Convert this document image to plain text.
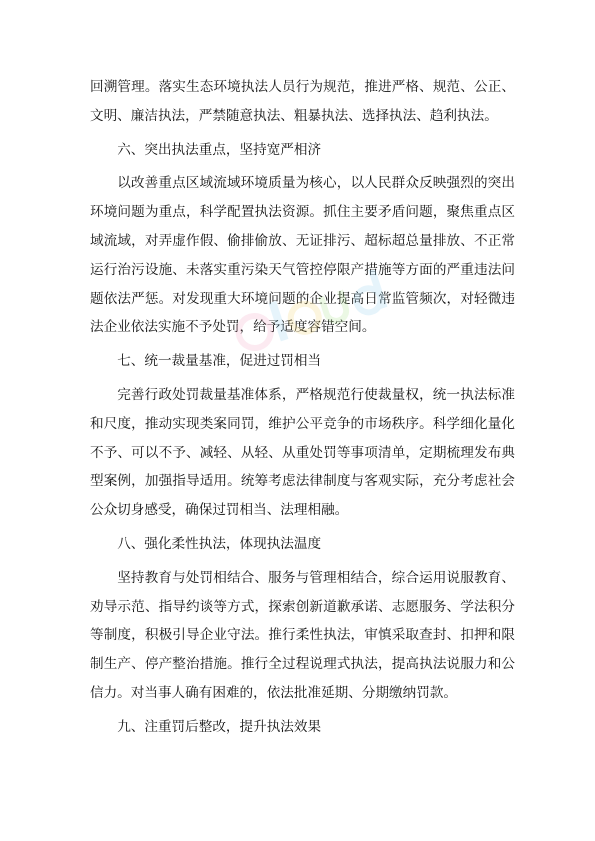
回溯管理。落实生态环境执法人员行为规范，推进严格、规范、公正、文明、廉洁执法，严禁随意执法、粗暴执法、选择执法、趋利执法。

六、突出执法重点，坚持宽严相济

以改善重点区域流域环境质量为核心，以人民群众反映强烈的突出环境问题为重点，科学配置执法资源。抓住主要矛盾问题，聚焦重点区域流域，对弄虚作假、偷排偷放、无证排污、超标超总量排放、不正常运行治污设施、未落实重污染天气管控停限产措施等方面的严重违法问题依法严惩。对发现重大环境问题的企业提高日常监管频次，对轻微违法企业依法实施不予处罚，给予适度容错空间。

七、统一裁量基准，促进过罚相当

完善行政处罚裁量基准体系，严格规范行使裁量权，统一执法标准和尺度，推动实现类案同罚，维护公平竞争的市场秩序。科学细化量化不予、可以不予、减轻、从轻、从重处罚等事项清单，定期梳理发布典型案例，加强指导适用。统筹考虑法律制度与客观实际，充分考虑社会公众切身感受，确保过罚相当、法理相融。

八、强化柔性执法，体现执法温度

坚持教育与处罚相结合、服务与管理相结合，综合运用说服教育、劝导示范、指导约谈等方式，探索创新道歉承诺、志愿服务、学法积分等制度，积极引导企业守法。推行柔性执法，审慎采取查封、扣押和限制生产、停产整治措施。推行全过程说理式执法，提高执法说服力和公信力。对当事人确有困难的，依法批准延期、分期缴纳罚款。

九、注重罚后整改，提升执法效果
